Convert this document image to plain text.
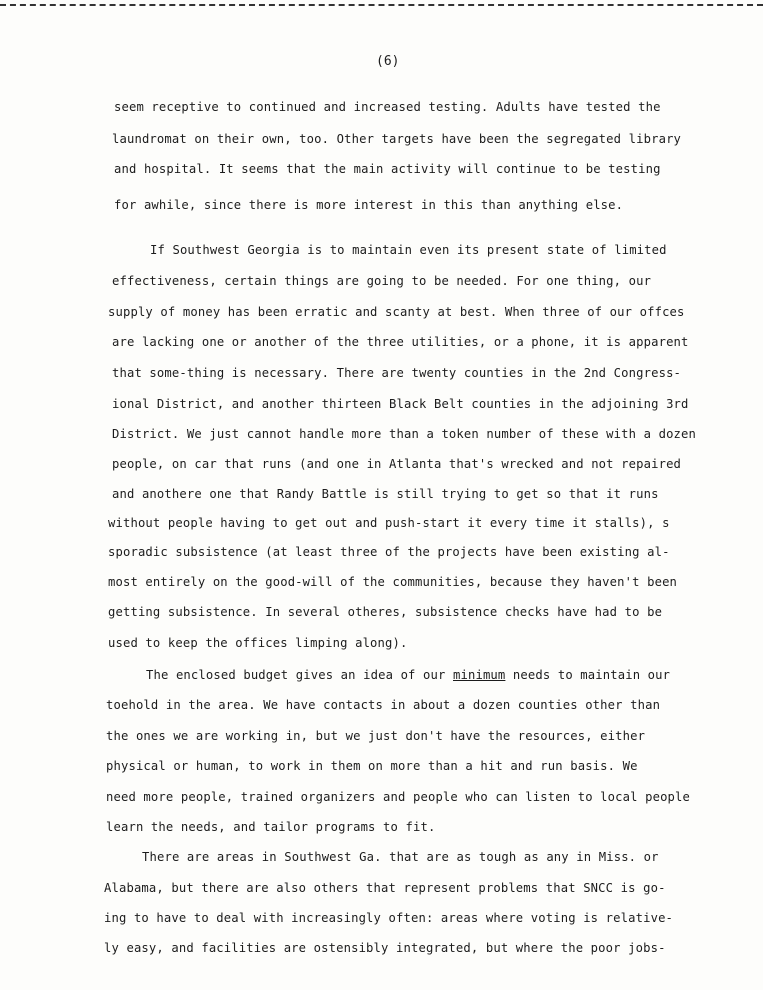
(6)
seem receptive to continued and increased testing. Adults have tested the
laundromat on their own, too. Other targets have been the segregated library
and hospital. It seems that the main activity will continue to be testing
for awhile, since there is more interest in this than anything else.
If Southwest Georgia is to maintain even its present state of limited
effectiveness, certain things are going to be needed. For one thing, our
supply of money has been erratic and scanty at best. When three of our offces
are lacking one or another of the three utilities, or a phone, it is apparent
that some-thing is necessary. There are twenty counties in the 2nd Congress-
ional District, and another thirteen Black Belt counties in the adjoining 3rd
District. We just cannot handle more than a token number of these with a dozen
people, on car that runs (and one in Atlanta that's wrecked and not repaired
and anothere one that Randy Battle is still trying to get so that it runs
without people having to get out and push-start it every time it stalls), s
sporadic subsistence (at least three of the projects have been existing al-
most entirely on the good-will of the communities, because they haven't been
getting subsistence. In several otheres, subsistence checks have had to be
used to keep the offices limping along).
The enclosed budget gives an idea of our minimum needs to maintain our
toehold in the area. We have contacts in about a dozen counties other than
the ones we are working in, but we just don't have the resources, either
physical or human, to work in them on more than a hit and run basis. We
need more people, trained organizers and people who can listen to local people
learn the needs, and tailor programs to fit.
There are areas in Southwest Ga. that are as tough as any in Miss. or
Alabama, but there are also others that represent problems that SNCC is go-
ing to have to deal with increasingly often: areas where voting is relative-
ly easy, and facilities are ostensibly integrated, but where the poor jobs-
